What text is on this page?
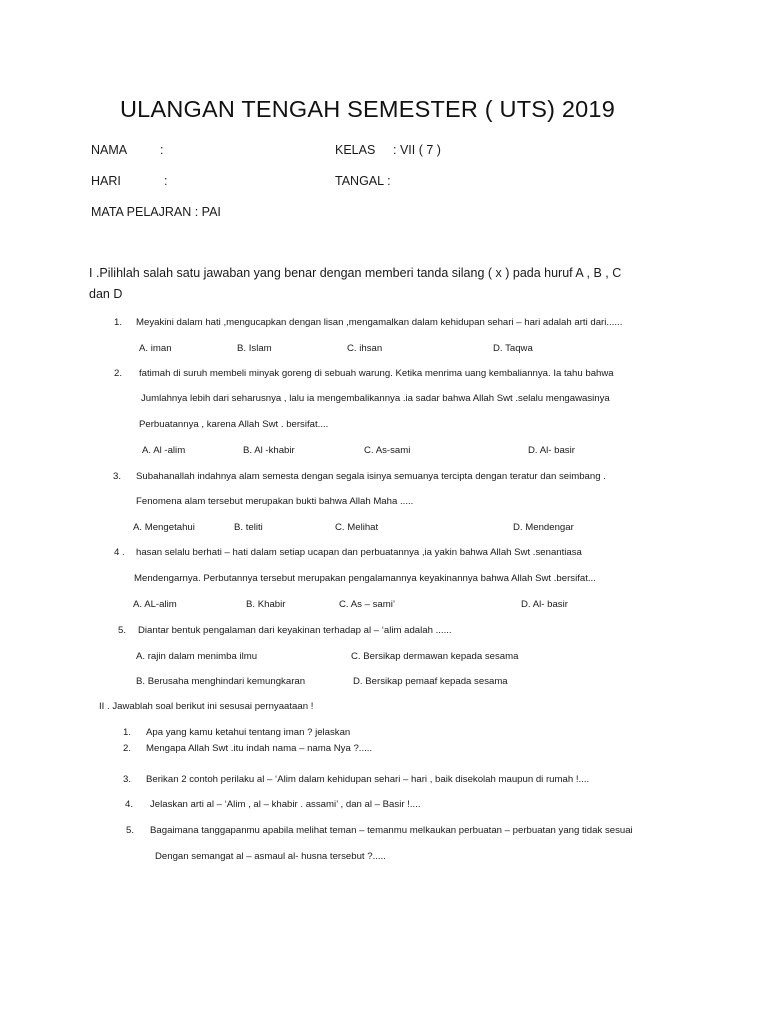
ULANGAN TENGAH SEMESTER ( UTS) 2019
NAMA	:	KELAS : VII ( 7 )
HARI	:	TANGAL :
MATA PELAJRAN : PAI
I .Pilihlah salah satu jawaban yang benar dengan memberi tanda silang ( x ) pada huruf A , B , C
dan D
1. Meyakini dalam hati ,mengucapkan dengan lisan ,mengamalkan dalam kehidupan sehari – hari adalah arti dari......
A. iman	B. Islam	C. ihsan	D. Taqwa
2. fatimah di suruh membeli minyak goreng di sebuah warung. Ketika menrima uang kembaliannya. Ia tahu bahwa
Jumlahnya lebih dari seharusnya , lalu ia mengembalikannya .ia sadar bahwa Allah Swt .selalu mengawasinya
Perbuatannya , karena Allah Swt . bersifat....
A. Al -alim	B. Al -khabir	C. As-sami	D. Al- basir
3. Subahanallah indahnya alam semesta dengan segala isinya semuanya tercipta dengan teratur dan seimbang .
Fenomena alam tersebut merupakan bukti bahwa Allah Maha .....
A. Mengetahui	B. teliti	C. Melihat	D. Mendengar
4 . hasan selalu berhati – hati dalam setiap ucapan dan perbuatannya ,ia yakin bahwa Allah Swt .senantiasa
Mendengarnya. Perbutannya tersebut merupakan pengalamannya keyakinannya bahwa Allah Swt .bersifat...
A. AL-alim	B. Khabir	C. As – sami’	D. Al- basir
5. Diantar bentuk pengalaman dari keyakinan terhadap al – ‘alim adalah ......
A. rajin dalam menimba ilmu	C. Bersikap dermawan kepada sesama
B. Berusaha menghindari kemungkaran	D. Bersikap pemaaf kepada sesama
II . Jawablah soal berikut ini sesusai pernyaataan !
1. Apa yang kamu ketahui tentang iman ? jelaskan
2. Mengapa Allah Swt .itu indah nama – nama Nya ?.....
3. Berikan 2 contoh perilaku al – ‘Alim dalam kehidupan sehari – hari , baik disekolah maupun di rumah !....
4. Jelaskan arti al – ‘Alim , al – khabir . assami’ , dan al – Basir !....
5. Bagaimana tanggapanmu apabila melihat teman – temanmu melkaukan perbuatan – perbuatan yang tidak sesuai
Dengan semangat al – asmaul al- husna tersebut ?.....
